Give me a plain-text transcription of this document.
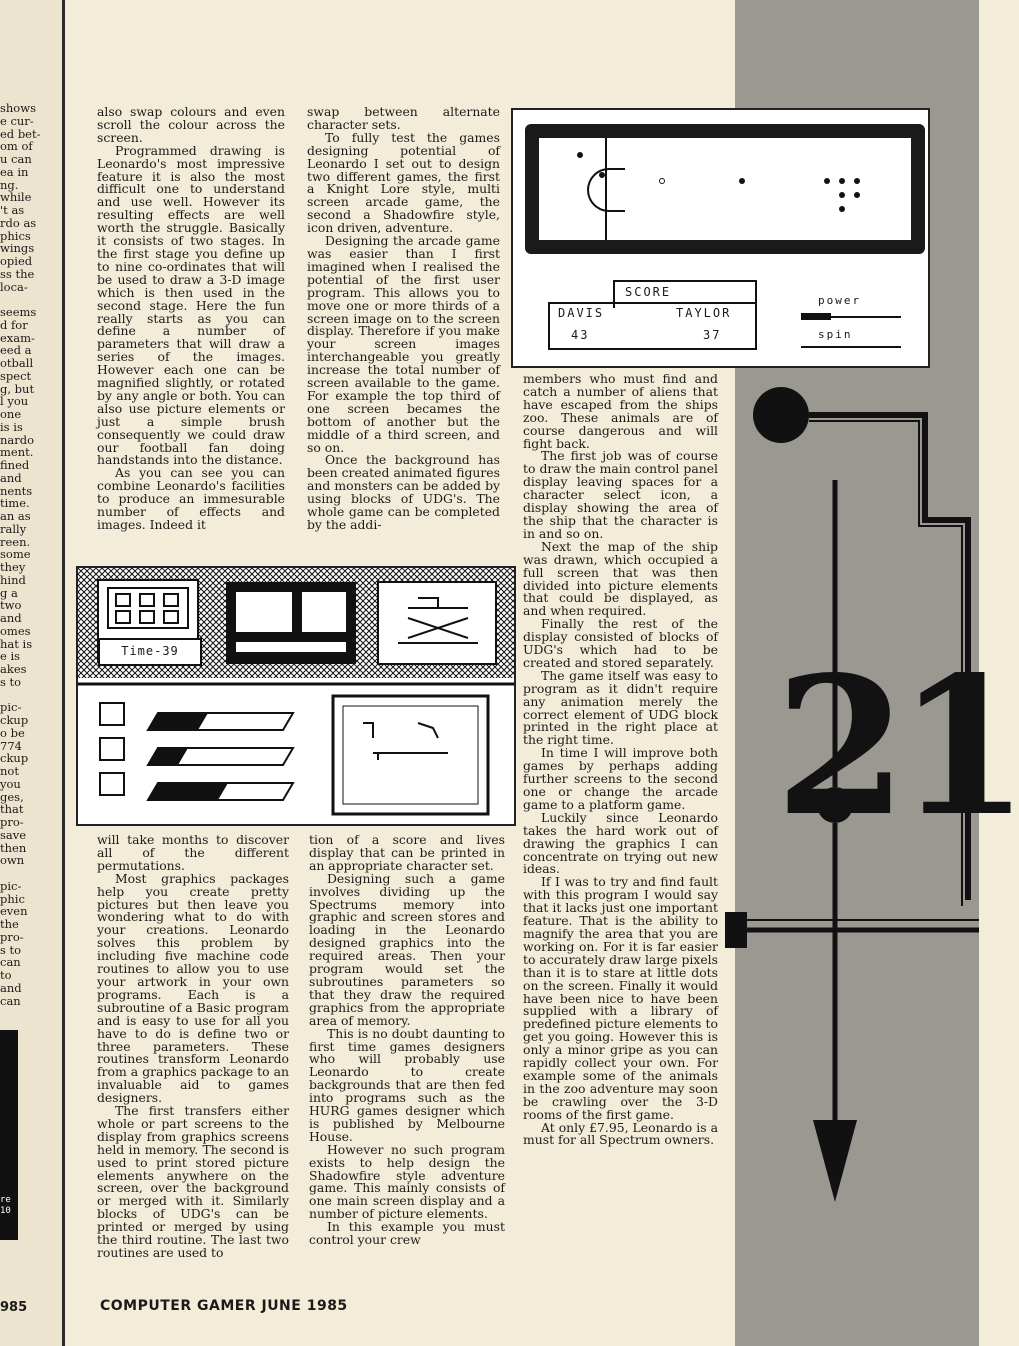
shows
e cur-
ed bet-
om of
u can
ea in
ng.
while
't as
rdo as
phics
wings
opied
ss the
loca-
seems
d for
exam-
eed a
otball
spect
g, but
l you
one
is is
nardo
ment.
fined
and
nents
time.
an as
rally
reen.
some
they
hind
g a
two
and
omes
hat is
e is
akes
s to
pic-
ckup
o be
774
ckup
not
you
ges,
that
pro-
save
then
own
pic-
phic
even
the
pro-
s to
can
to
and
can
re
10
985
21
SCORE
DAVIS	TAYLOR
43	37
power
spin
Time-39

also swap colours and even scroll the colour across the screen.

Programmed drawing is Leonardo's most impressive feature it is also the most difficult one to understand and use well. However its resulting effects are well worth the struggle. Basically it consists of two stages. In the first stage you define up to nine co-ordinates that will be used to draw a 3-D image which is then used in the second stage. Here the fun really starts as you can define a number of parameters that will draw a series of the images. However each one can be magnified slightly, or rotated by any angle or both. You can also use picture elements or just a simple brush consequently we could draw our football fan doing handstands into the distance.

As you can see you can combine Leonardo's facilities to produce an immesurable number of effects and images. Indeed it

swap between alternate character sets.

To fully test the games designing potential of Leonardo I set out to design two different games, the first a Knight Lore style, multi screen arcade game, the second a Shadowfire style, icon driven, adventure.

Designing the arcade game was easier than I first imagined when I realised the potential of the first user program. This allows you to move one or more thirds of a screen image on to the screen display. Therefore if you make your screen images interchangeable you greatly increase the total number of screen available to the game. For example the top third of one screen becames the bottom of another but the middle of a third screen, and so on.

Once the background has been created animated figures and monsters can be added by using blocks of UDG's. The whole game can be completed by the addi-

will take months to discover all of the different permutations.

Most graphics packages help you create pretty pictures but then leave you wondering what to do with your creations. Leonardo solves this problem by including five machine code routines to allow you to use your artwork in your own programs. Each is a subroutine of a Basic program and is easy to use for all you have to do is define two or three parameters. These routines transform Leonardo from a graphics package to an invaluable aid to games designers.

The first transfers either whole or part screens to the display from graphics screens held in memory. The second is used to print stored picture elements anywhere on the screen, over the background or merged with it. Similarly blocks of UDG's can be printed or merged by using the third routine. The last two routines are used to

tion of a score and lives display that can be printed in an appropriate character set.

Designing such a game involves dividing up the Spectrums memory into graphic and screen stores and loading in the Leonardo designed graphics into the required areas. Then your program would set the subroutines parameters so that they draw the required graphics from the appropriate area of memory.

This is no doubt daunting to first time games designers who will probably use Leonardo to create backgrounds that are then fed into programs such as the HURG games designer which is published by Melbourne House.

However no such program exists to help design the Shadowfire style adventure game. This mainly consists of one main screen display and a number of picture elements.

In this example you must control your crew

members who must find and catch a number of aliens that have escaped from the ships zoo. These animals are of course dangerous and will fight back.

The first job was of course to draw the main control panel display leaving spaces for a character select icon, a display showing the area of the ship that the character is in and so on.

Next the map of the ship was drawn, which occupied a full screen that was then divided into picture elements that could be displayed, as and when required.

Finally the rest of the display consisted of blocks of UDG's which had to be created and stored separately.

The game itself was easy to program as it didn't require any animation merely the correct element of UDG block printed in the right place at the right time.

In time I will improve both games by perhaps adding further screens to the second one or change the arcade game to a platform game.

Luckily since Leonardo takes the hard work out of drawing the graphics I can concentrate on trying out new ideas.

If I was to try and find fault with this program I would say that it lacks just one important feature. That is the ability to magnify the area that you are working on. For it is far easier to accurately draw large pixels than it is to stare at little dots on the screen. Finally it would have been nice to have been supplied with a library of predefined picture elements to get you going. However this is only a minor gripe as you can rapidly collect your own. For example some of the animals in the zoo adventure may soon be crawling over the 3-D rooms of the first game.

At only £7.95, Leonardo is a must for all Spectrum owners.

COMPUTER GAMER JUNE 1985
